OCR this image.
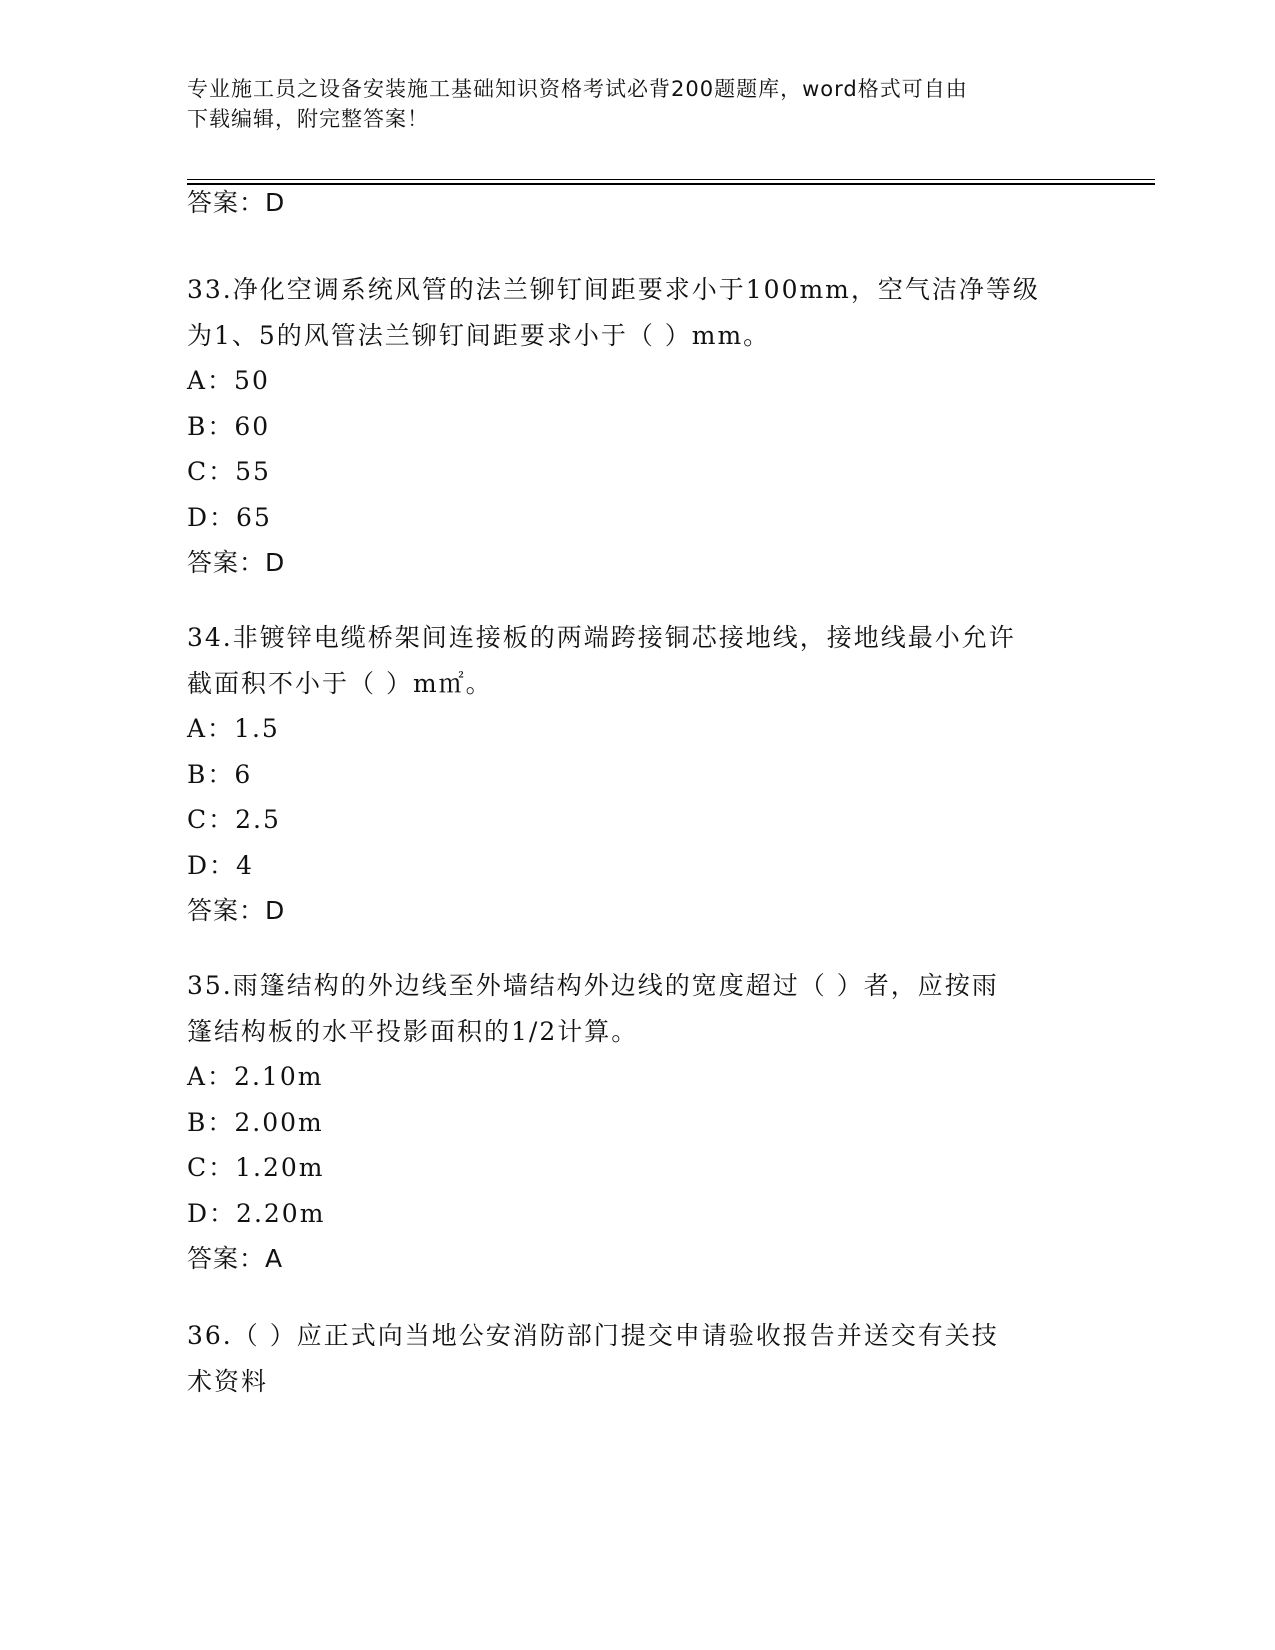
专业施工员之设备安装施工基础知识资格考试必背200题题库，word格式可自由
下载编辑，附完整答案！
答案：D
33.净化空调系统风管的法兰铆钉间距要求小于100mm，空气洁净等级
为1、5的风管法兰铆钉间距要求小于（ ）mm。
A：50
B：60
C：55
D：65
答案：D
34.非镀锌电缆桥架间连接板的两端跨接铜芯接地线，接地线最小允许
截面积不小于（ ）m㎡。
A：1.5
B：6
C：2.5
D：4
答案：D
35.雨篷结构的外边线至外墙结构外边线的宽度超过（ ）者，应按雨
篷结构板的水平投影面积的1/2计算。
A：2.10m
B：2.00m
C：1.20m
D：2.20m
答案：A
36.（ ）应正式向当地公安消防部门提交申请验收报告并送交有关技
术资料
